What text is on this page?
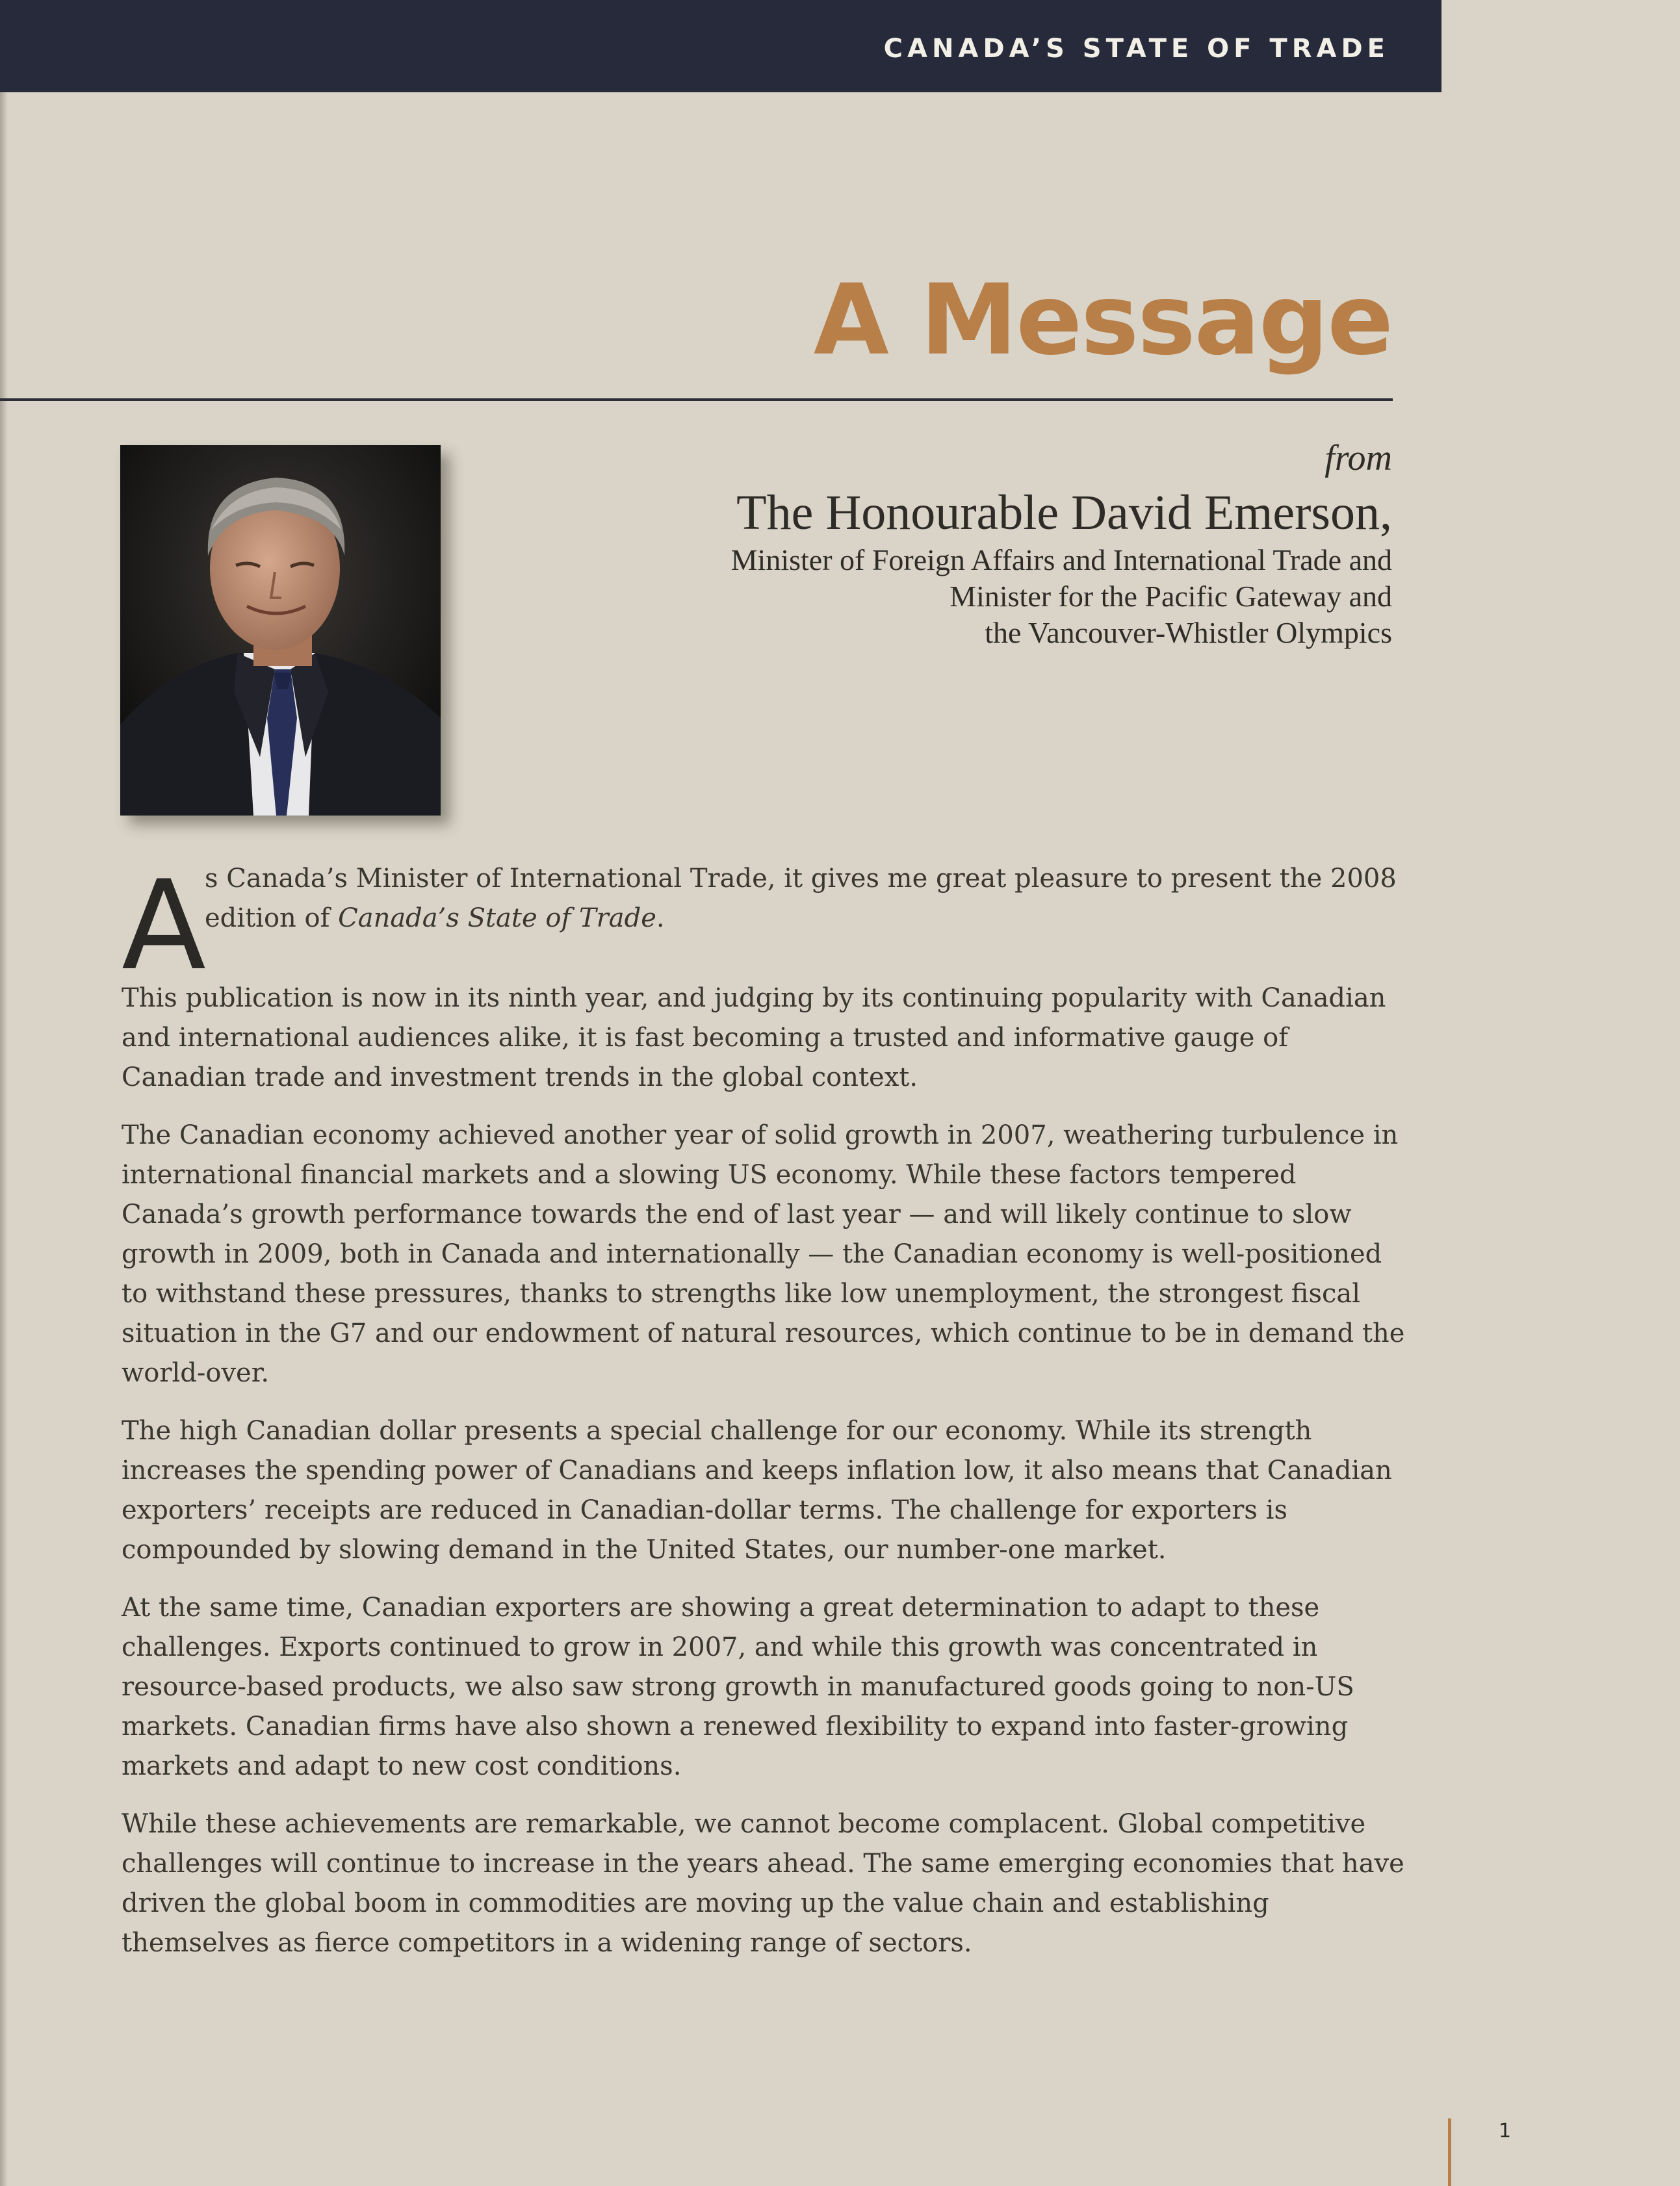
CANADA’S STATE OF TRADE
A Message
from
The Honourable David Emerson,
Minister of Foreign Affairs and International Trade and
Minister for the Pacific Gateway and
the Vancouver-Whistler Olympics

A
s Canada’s Minister of International Trade, it gives me great pleasure to present the 2008 edition of Canada’s State of Trade.

This publication is now in its ninth year, and judging by its continuing popularity with Canadian and international audiences alike, it is fast becoming a trusted and informative gauge of Canadian trade and investment trends in the global context.

The Canadian economy achieved another year of solid growth in 2007, weathering turbulence in international financial markets and a slowing US economy. While these factors tempered Canada’s growth performance towards the end of last year — and will likely continue to slow growth in 2009, both in Canada and internationally — the Canadian economy is well-positioned to withstand these pressures, thanks to strengths like low unemployment, the strongest fiscal situation in the G7 and our endowment of natural resources, which continue to be in demand the world-over.

The high Canadian dollar presents a special challenge for our economy. While its strength increases the spending power of Canadians and keeps inflation low, it also means that Canadian exporters’ receipts are reduced in Canadian-dollar terms. The challenge for exporters is compounded by slowing demand in the United States, our number-one market.

At the same time, Canadian exporters are showing a great determination to adapt to these challenges. Exports continued to grow in 2007, and while this growth was concentrated in resource-based products, we also saw strong growth in manufactured goods going to non-US markets. Canadian firms have also shown a renewed flexibility to expand into faster-growing markets and adapt to new cost conditions.

While these achievements are remarkable, we cannot become complacent. Global competitive challenges will continue to increase in the years ahead. The same emerging economies that have driven the global boom in commodities are moving up the value chain and establishing themselves as fierce competitors in a widening range of sectors.

1
